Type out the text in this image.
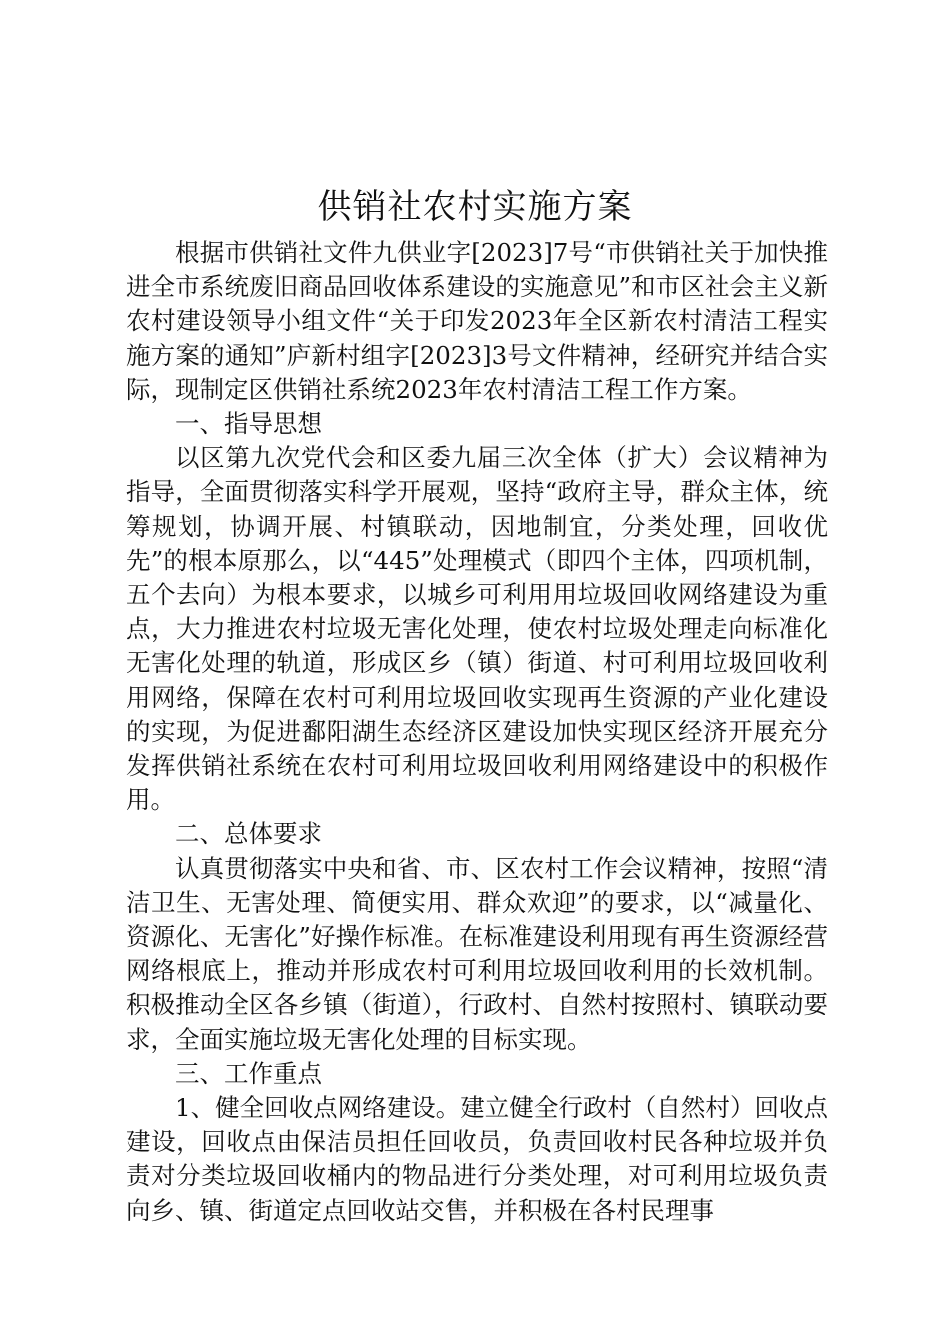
供销社农村实施方案

根据市供销社文件九供业字[2023]7号“市供销社关于加快推进全市系统废旧商品回收体系建设的实施意见”和市区社会主义新农村建设领导小组文件“关于印发2023年全区新农村清洁工程实施方案的通知”庐新村组字[2023]3号文件精神，经研究并结合实际，现制定区供销社系统2023年农村清洁工程工作方案。

一、指导思想

以区第九次党代会和区委九届三次全体（扩大）会议精神为指导，全面贯彻落实科学开展观，坚持“政府主导，群众主体，统筹规划，协调开展、村镇联动，因地制宜，分类处理，回收优先”的根本原那么，以“445”处理模式（即四个主体，四项机制，五个去向）为根本要求，以城乡可利用用垃圾回收网络建设为重点，大力推进农村垃圾无害化处理，使农村垃圾处理走向标准化无害化处理的轨道，形成区乡（镇）街道、村可利用垃圾回收利用网络，保障在农村可利用垃圾回收实现再生资源的产业化建设的实现，为促进鄱阳湖生态经济区建设加快实现区经济开展充分发挥供销社系统在农村可利用垃圾回收利用网络建设中的积极作用。

二、总体要求

认真贯彻落实中央和省、市、区农村工作会议精神，按照“清洁卫生、无害处理、简便实用、群众欢迎”的要求，以“减量化、资源化、无害化”好操作标准。在标准建设利用现有再生资源经营网络根底上，推动并形成农村可利用垃圾回收利用的长效机制。积极推动全区各乡镇（街道），行政村、自然村按照村、镇联动要求，全面实施垃圾无害化处理的目标实现。

三、工作重点

1、健全回收点网络建设。建立健全行政村（自然村）回收点建设，回收点由保洁员担任回收员，负责回收村民各种垃圾并负责对分类垃圾回收桶内的物品进行分类处理，对可利用垃圾负责向乡、镇、街道定点回收站交售，并积极在各村民理事
